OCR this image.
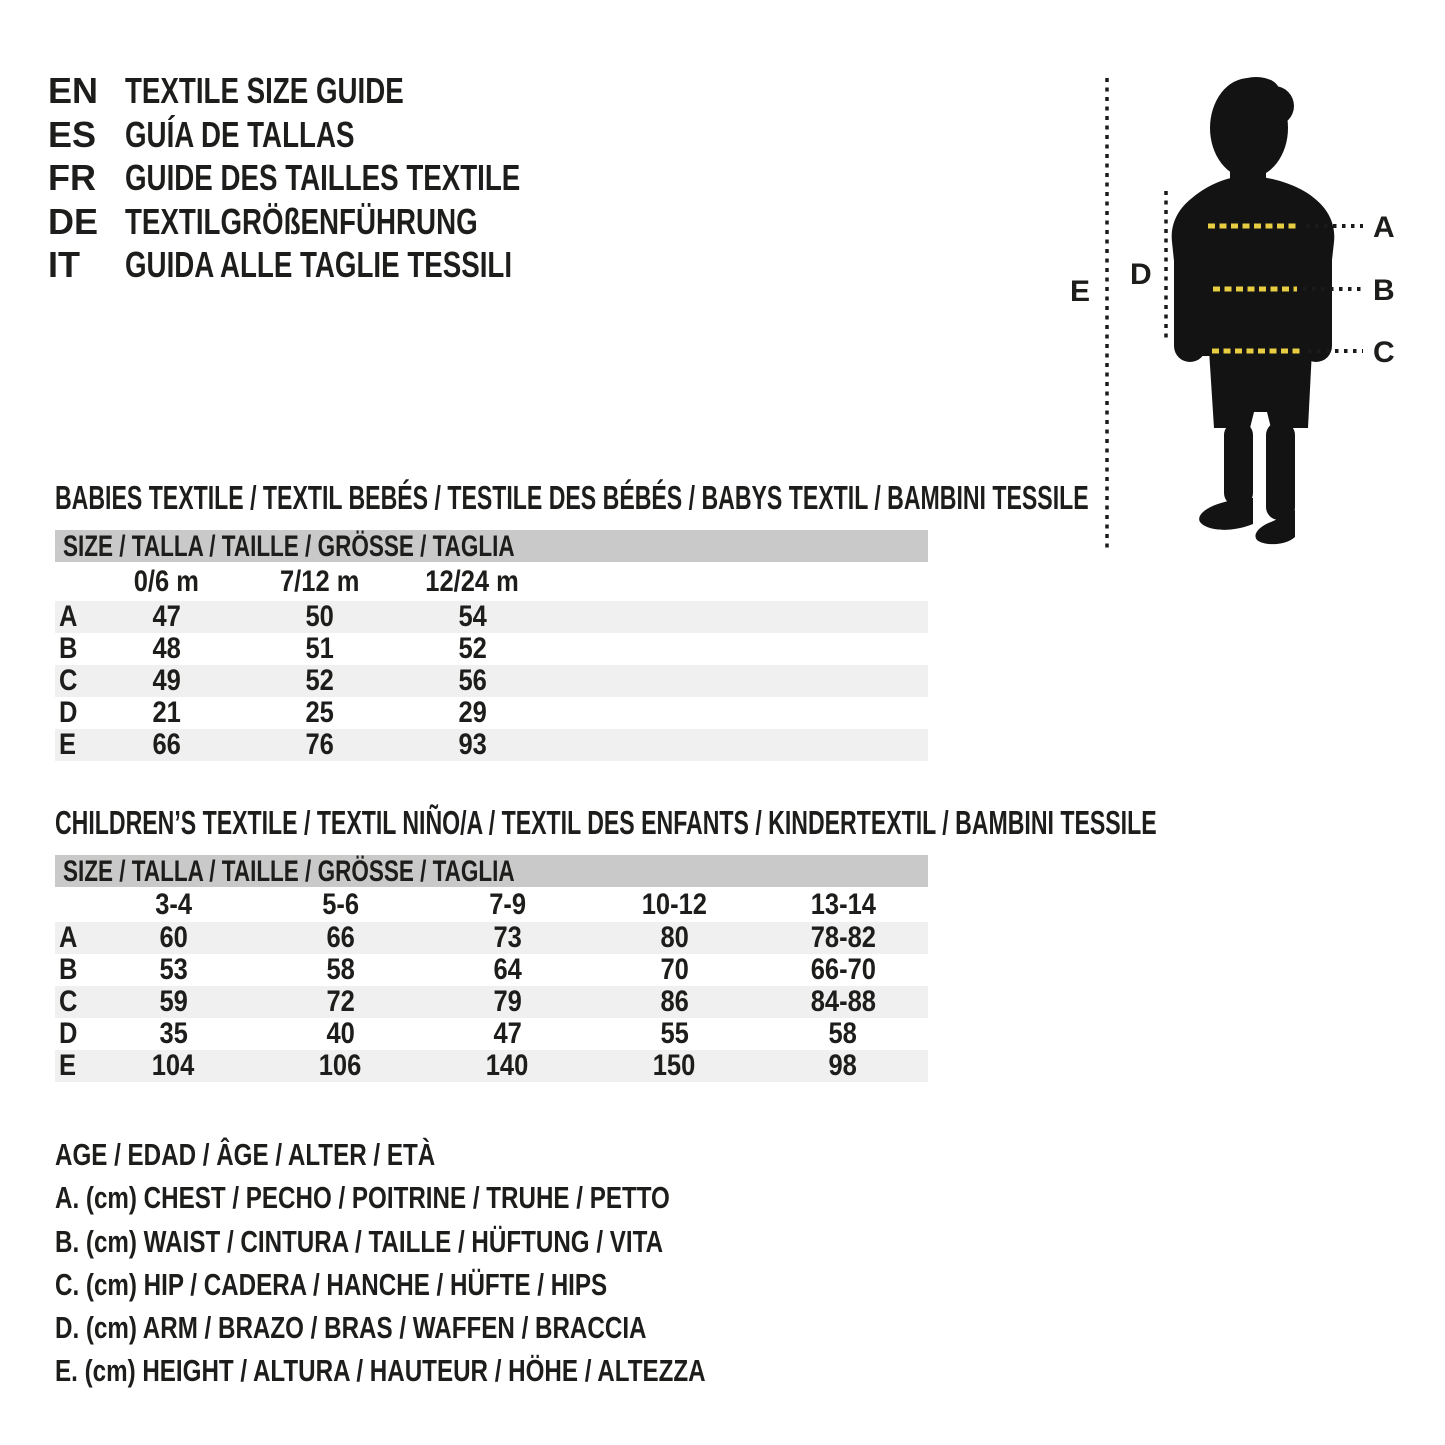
EN TEXTILE SIZE GUIDE
ES GUÍA DE TALLAS
FR GUIDE DES TAILLES TEXTILE
DE TEXTILGRÖßENFÜHRUNG
IT	GUIDA ALLE TAGLIE TESSILI
A
B
C
D
E
BABIES TEXTILE / TEXTIL BEBÉS / TESTILE DES BÉBÉS / BABYS TEXTIL / BAMBINI TESSILE
SIZE / TALLA / TAILLE / GRÖSSE / TAGLIA
	0/6 m	7/12 m	12/24 m	
A	47	50	54	
B	48	51	52	
C	49	52	56	
D	21	25	29	
E	66	76	93	
CHILDREN’S TEXTILE / TEXTIL NIÑO/A / TEXTIL DES ENFANTS / KINDERTEXTIL / BAMBINI TESSILE
SIZE / TALLA / TAILLE / GRÖSSE / TAGLIA
	3-4	5-6	7-9	10-12	13-14
A	60	66	73	80	78-82
B	53	58	64	70	66-70
C	59	72	79	86	84-88
D	35	40	47	55	58
E	104	106	140	150	98
AGE / EDAD / ÂGE / ALTER / ETÀ
A. (cm) CHEST / PECHO / POITRINE / TRUHE / PETTO
B. (cm) WAIST / CINTURA / TAILLE / HÜFTUNG / VITA
C. (cm) HIP / CADERA / HANCHE / HÜFTE / HIPS
D. (cm) ARM / BRAZO / BRAS / WAFFEN / BRACCIA
E. (cm) HEIGHT / ALTURA / HAUTEUR / HÖHE / ALTEZZA
